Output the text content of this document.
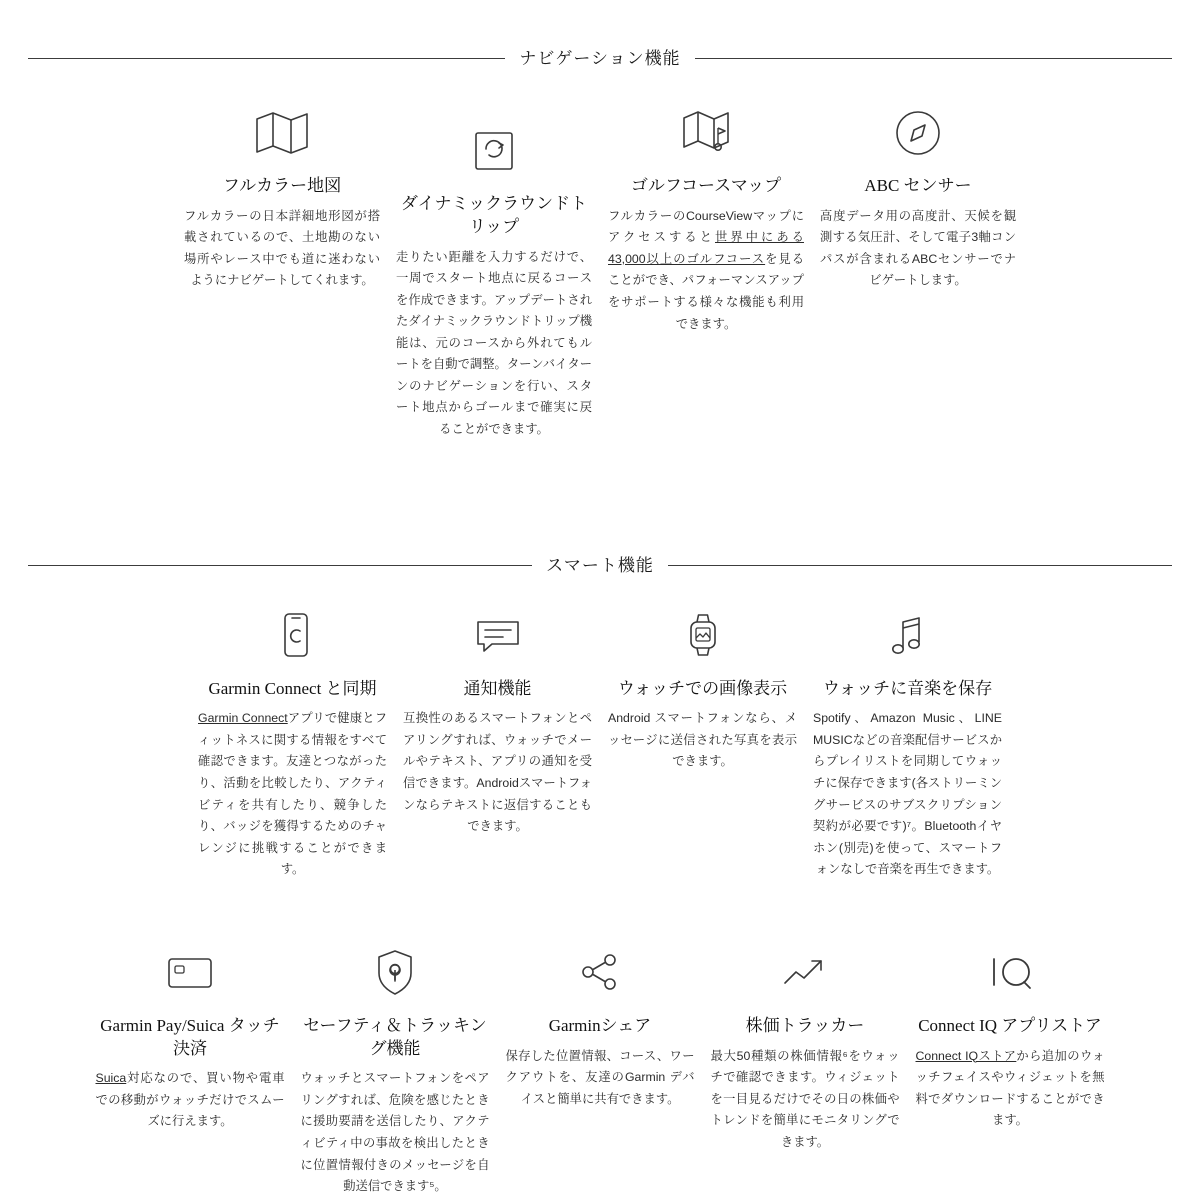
ナビゲーション機能
フルカラー地図
フルカラーの日本詳細地形図が搭載されているので、土地勘のない場所やレース中でも道に迷わないようにナビゲートしてくれます。
ダイナミックラウンドトリップ
走りたい距離を入力するだけで、一周でスタート地点に戻るコースを作成できます。アップデートされたダイナミックラウンドトリップ機能は、元のコースから外れてもルートを自動で調整。ターンバイターンのナビゲーションを行い、スタート地点からゴールまで確実に戻ることができます。
ゴルフコースマップ
フルカラーのCourseViewマップにアクセスすると世界中にある43,000以上のゴルフコースを見ることができ、パフォーマンスアップをサポートする様々な機能も利用できます。
ABC センサー
高度データ用の高度計、天候を観測する気圧計、そして電子3軸コンパスが含まれるABCセンサーでナビゲートします。
スマート機能
Garmin Connect と同期
Garmin Connectアプリで健康とフィットネスに関する情報をすべて確認できます。友達とつながったり、活動を比較したり、アクティビティを共有したり、競争したり、バッジを獲得するためのチャレンジに挑戦することができます。
通知機能
互換性のあるスマートフォンとペアリングすれば、ウォッチでメールやテキスト、アプリの通知を受信できます。Androidスマートフォンならテキストに返信することもできます。
ウォッチでの画像表示
Android スマートフォンなら、メッセージに送信された写真を表示できます。
ウォッチに音楽を保存
Spotify、Amazon Music、LINE MUSICなどの音楽配信サービスからプレイリストを同期してウォッチに保存できます(各ストリーミングサービスのサブスクリプション契約が必要です)⁷。Bluetoothイヤホン(別売)を使って、スマートフォンなしで音楽を再生できます。
Garmin Pay/Suica タッチ決済
Suica対応なので、買い物や電車での移動がウォッチだけでスムーズに行えます。
セーフティ＆トラッキング機能
ウォッチとスマートフォンをペアリングすれば、危険を感じたときに援助要請を送信したり、アクティビティ中の事故を検出したときに位置情報付きのメッセージを自動送信できます⁵。
Garminシェア
保存した位置情報、コース、ワークアウトを、友達のGarmin デバイスと簡単に共有できます。
株価トラッカー
最大50種類の株価情報⁶をウォッチで確認できます。ウィジェットを一目見るだけでその日の株価やトレンドを簡単にモニタリングできます。
Connect IQ アプリストア
Connect IQストアから追加のウォッチフェイスやウィジェットを無料でダウンロードすることができます。
